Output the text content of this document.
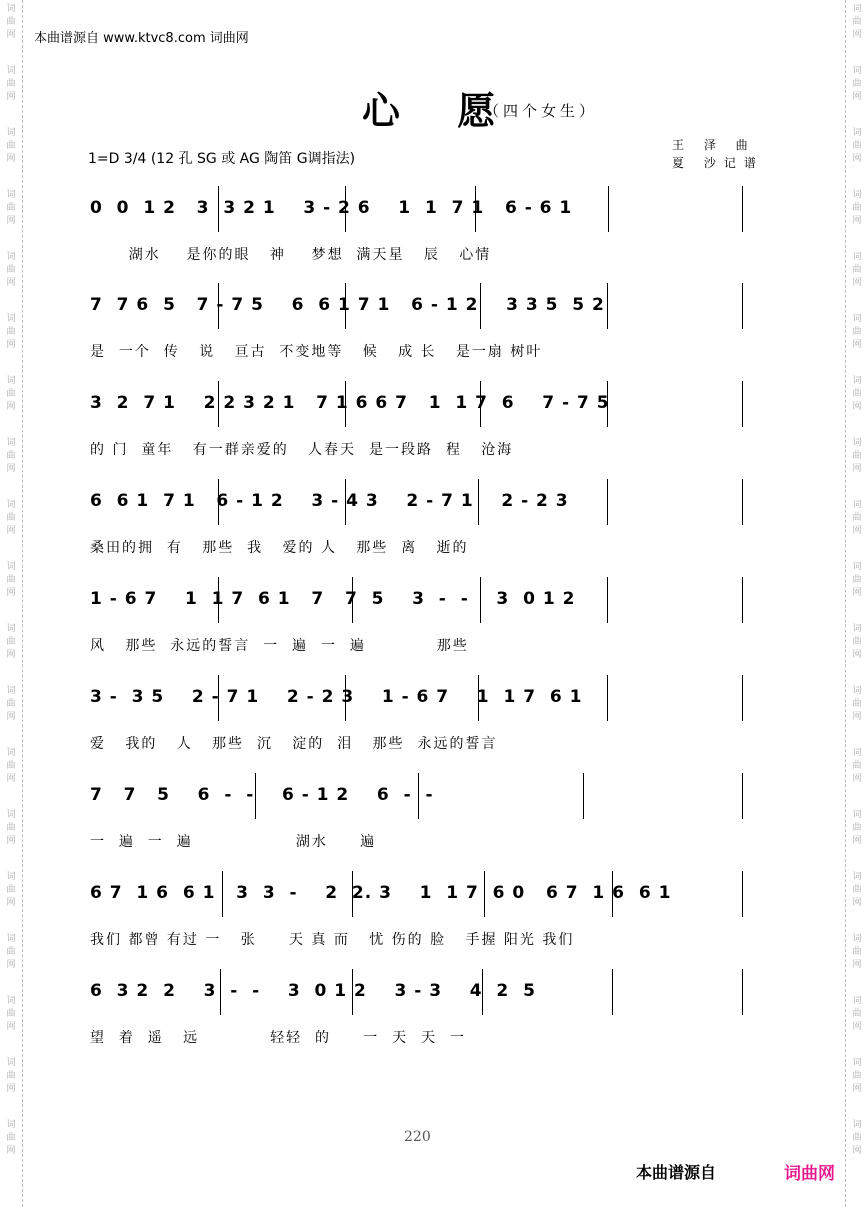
本曲谱源自 www.ktvc8.com 词曲网
心 愿
（四个女生）
1=D 3/4 (12 孔 SG 或 AG 陶笛 G调指法)
王 泽 曲
夏 沙记谱
0  0  1 2   3  3 2 1    3 - 2 6    1  1  7 1   6 - 6 1
湖水    是你的眼   神    梦想  满天星   辰   心情
7  7 6  5   7 - 7 5    6  6 1 7 1   6 - 1 2    3 3 5  5 2
是  一个  传   说   亘古  不变地等   候   成 长   是一扇 树叶
3  2  7 1    2 2 3 2 1   7 1 6 6 7   1  1 7  6    7 - 7 5
的 门  童年   有一群亲爱的   人春天  是一段路  程   沧海
6  6 1  7 1   6 - 1 2    3 - 4 3    2 - 7 1    2 - 2 3
桑田的拥  有   那些  我   爱的 人   那些  离   逝的
1 - 6 7    1  1 7  6 1   7   7  5    3  -  -    3  0 1 2
风   那些  永远的誓言  一  遍  一  遍           那些
3 -  3 5    2 - 7 1    2 - 2 3    1 - 6 7    1  1 7  6 1
爱   我的   人   那些  沉   淀的  泪   那些  永远的誓言
7   7   5    6  -  -    6 - 1 2    6  -  -
一  遍  一  遍                湖水     遍
6 7  1 6  6 1   3  3  -    2  2. 3    1  1 7  6 0   6 7  1 6  6 1
我们 都曾 有过 一   张     天 真 而   忧 伤的 脸   手握 阳光 我们
6  3 2  2    3  -  -    3  0 1 2    3 - 3    4  2  5
望  着  遥   远           轻轻  的     一  天  天  一
220
本曲谱源自	词曲网
词
曲
网
词
曲
网
词
曲
网
词
曲
网
词
曲
网
词
曲
网
词
曲
网
词
曲
网
词
曲
网
词
曲
网
词
曲
网
词
曲
网
词
曲
网
词
曲
网
词
曲
网
词
曲
网
词
曲
网
词
曲
网
词
曲
网
词
曲
网
词
曲
网
词
曲
网
词
曲
网
词
曲
网
词
曲
网
词
曲
网
词
曲
网
词
曲
网
词
曲
网
词
曲
网
词
曲
网
词
曲
网
词
曲
网
词
曲
网
词
曲
网
词
曲
网
词
曲
网
词
曲
网
